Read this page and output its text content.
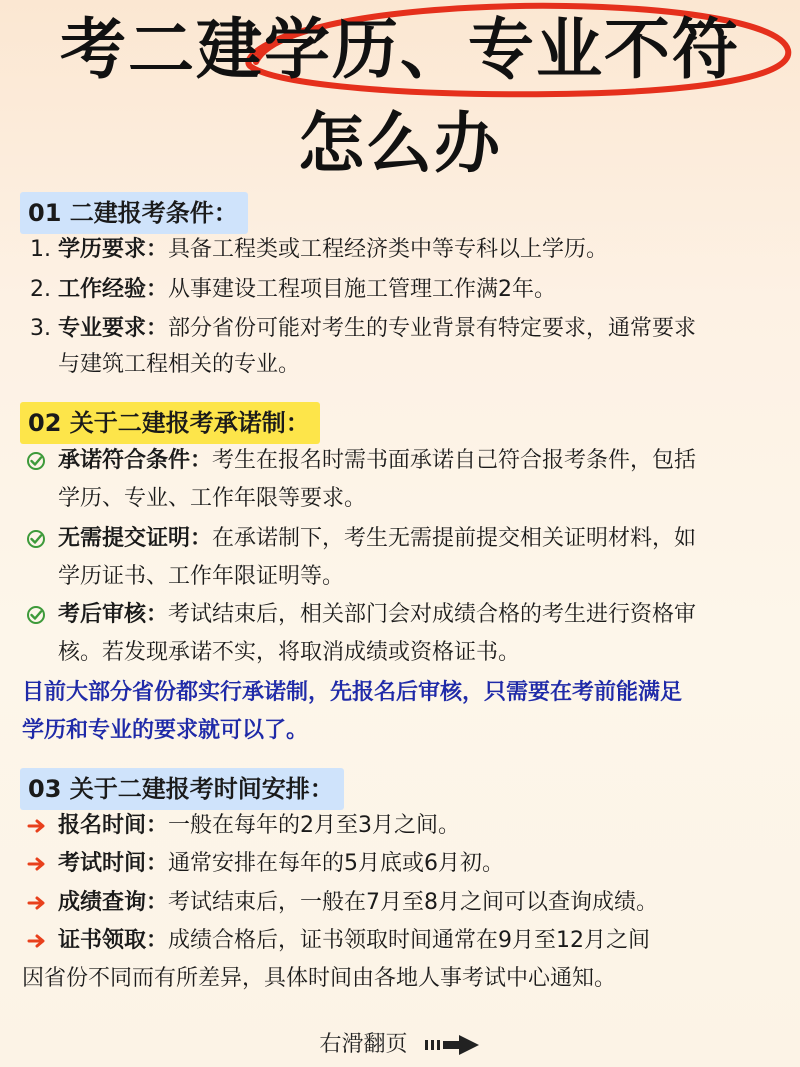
考二建学历、专业不符
怎么办
01 二建报考条件：
1. 学历要求：具备工程类或工程经济类中等专科以上学历。
2. 工作经验：从事建设工程项目施工管理工作满2年。
3. 专业要求：部分省份可能对考生的专业背景有特定要求，通常要求
与建筑工程相关的专业。
02 关于二建报考承诺制：
承诺符合条件：考生在报名时需书面承诺自己符合报考条件，包括
学历、专业、工作年限等要求。
无需提交证明：在承诺制下，考生无需提前提交相关证明材料，如
学历证书、工作年限证明等。
考后审核：考试结束后，相关部门会对成绩合格的考生进行资格审
核。若发现承诺不实，将取消成绩或资格证书。
目前大部分省份都实行承诺制，先报名后审核，只需要在考前能满足
学历和专业的要求就可以了。
03 关于二建报考时间安排：
报名时间：一般在每年的2月至3月之间。
考试时间：通常安排在每年的5月底或6月初。
成绩查询：考试结束后，一般在7月至8月之间可以查询成绩。
证书领取：成绩合格后，证书领取时间通常在9月至12月之间
因省份不同而有所差异，具体时间由各地人事考试中心通知。
右滑翻页
